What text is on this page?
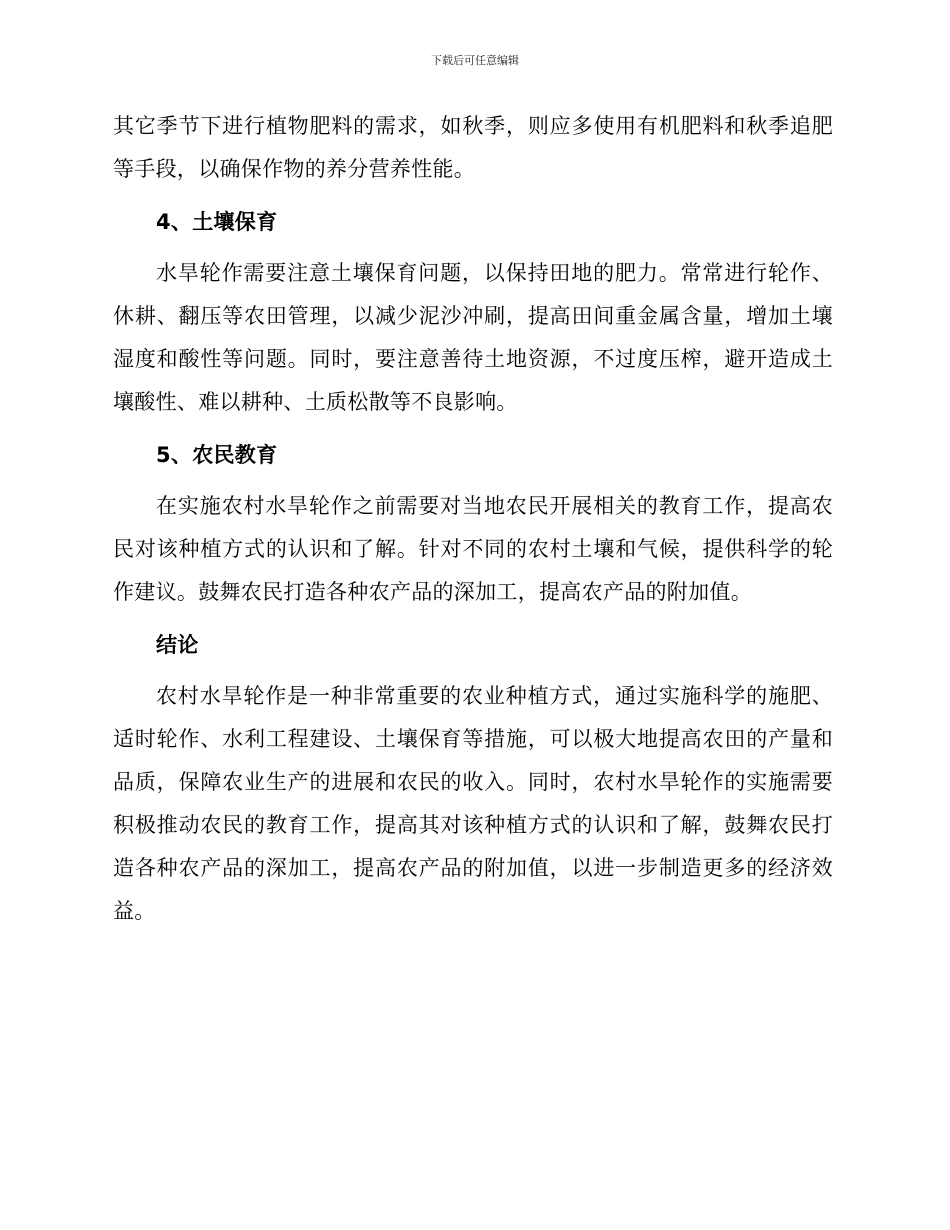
下载后可任意编辑

其它季节下进行植物肥料的需求，如秋季，则应多使用有机肥料和秋季追肥等手段，以确保作物的养分营养性能。

4、土壤保育

水旱轮作需要注意土壤保育问题，以保持田地的肥力。常常进行轮作、休耕、翻压等农田管理，以减少泥沙冲刷，提高田间重金属含量，增加土壤湿度和酸性等问题。同时，要注意善待土地资源，不过度压榨，避开造成土壤酸性、难以耕种、土质松散等不良影响。

5、农民教育

在实施农村水旱轮作之前需要对当地农民开展相关的教育工作，提高农民对该种植方式的认识和了解。针对不同的农村土壤和气候，提供科学的轮作建议。鼓舞农民打造各种农产品的深加工，提高农产品的附加值。

结论

农村水旱轮作是一种非常重要的农业种植方式，通过实施科学的施肥、适时轮作、水利工程建设、土壤保育等措施，可以极大地提高农田的产量和品质，保障农业生产的进展和农民的收入。同时，农村水旱轮作的实施需要积极推动农民的教育工作，提高其对该种植方式的认识和了解，鼓舞农民打造各种农产品的深加工，提高农产品的附加值，以进一步制造更多的经济效益。
